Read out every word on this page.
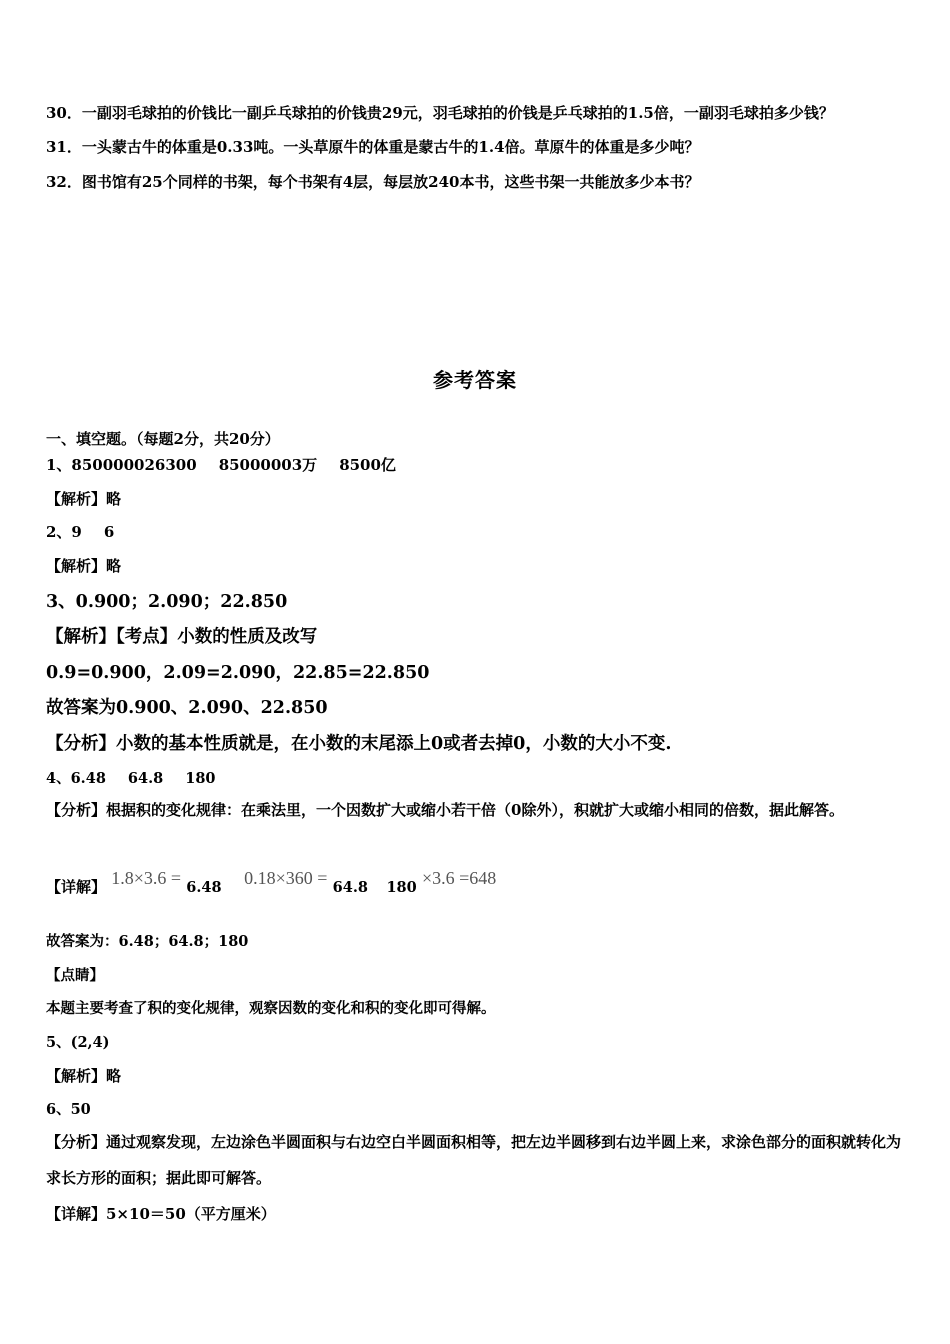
30．一副羽毛球拍的价钱比一副乒乓球拍的价钱贵29元，羽毛球拍的价钱是乒乓球拍的1.5倍，一副羽毛球拍多少钱？
31．一头蒙古牛的体重是0.33吨。一头草原牛的体重是蒙古牛的1.4倍。草原牛的体重是多少吨？
32．图书馆有25个同样的书架，每个书架有4层，每层放240本书，这些书架一共能放多少本书？
参考答案
一、填空题。（每题2分，共20分）
1、850000026300 85000003万 8500亿
【解析】略
2、9 6
【解析】略
3、0.900；2.090；22.850
【解析】【考点】小数的性质及改写
0.9=0.900，2.09=2.090，22.85=22.850
故答案为0.900、2.090、22.850
【分析】小数的基本性质就是，在小数的末尾添上0或者去掉0，小数的大小不变.
4、6.48 64.8 180
【分析】根据积的变化规律：在乘法里，一个因数扩大或缩小若干倍（0除外），积就扩大或缩小相同的倍数，据此解答。
【详解】 1.8×3.6 = 6.48 0.18×360 = 64.8 180 ×3.6 =648
故答案为：6.48；64.8；180
【点睛】
本题主要考查了积的变化规律，观察因数的变化和积的变化即可得解。
5、(2,4)
【解析】略
6、50
【分析】通过观察发现，左边涂色半圆面积与右边空白半圆面积相等，把左边半圆移到右边半圆上来，求涂色部分的面积就转化为求长方形的面积；据此即可解答。
【详解】5×10＝50（平方厘米）
